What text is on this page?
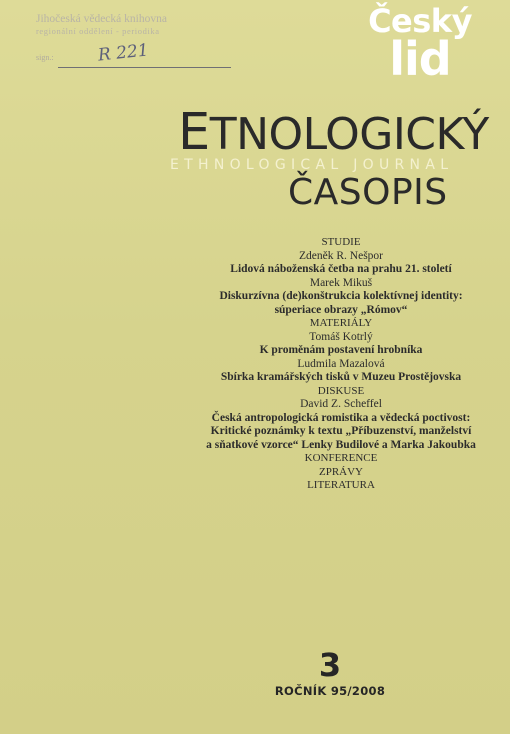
Jihočeská vědecká knihovna
regionální oddělení - periodika
sign.:	R 221
Český
lid
ETNOLOGICKÝ
ETHNOLOGICAL JOURNAL
ČASOPIS
STUDIE
Zdeněk R. Nešpor
Lidová náboženská četba na prahu 21. století
Marek Mikuš
Diskurzívna (de)konštrukcia kolektívnej identity:
súperiace obrazy „Rómov“
MATERIÁLY
Tomáš Kotrlý
K proměnám postavení hrobníka
Ludmila Mazalová
Sbírka kramářských tisků v Muzeu Prostějovska
DISKUSE
David Z. Scheffel
Česká antropologická romistika a vědecká poctivost:
Kritické poznámky k textu „Příbuzenství, manželství
a sňatkové vzorce“ Lenky Budilové a Marka Jakoubka
KONFERENCE
ZPRÁVY
LITERATURA
3
ROČNÍK 95/2008
